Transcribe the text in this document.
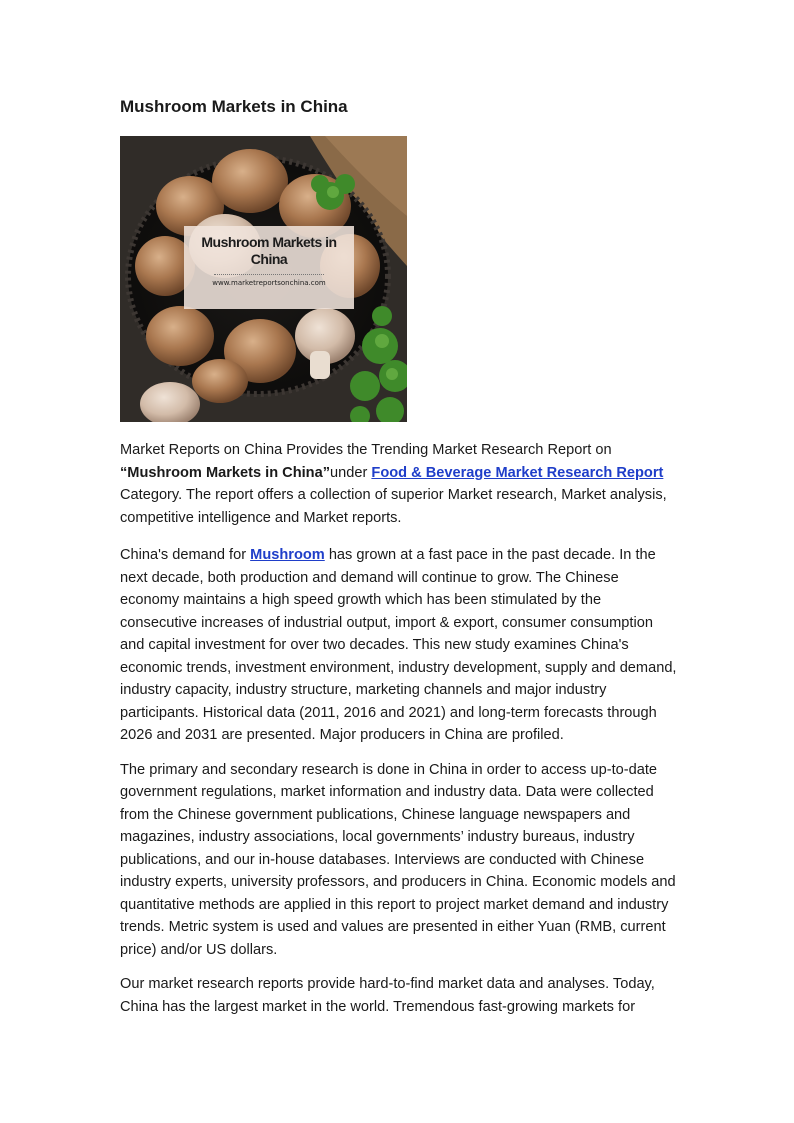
Mushroom Markets in China
Mushroom Markets in China
www.marketreportsonchina.com

Market Reports on China Provides the Trending Market Research Report on “Mushroom Markets in China”under Food & Beverage Market Research Report Category. The report offers a collection of superior Market research, Market analysis, competitive intelligence and Market reports.

China's demand for Mushroom has grown at a fast pace in the past decade. In the next decade, both production and demand will continue to grow. The Chinese economy maintains a high speed growth which has been stimulated by the consecutive increases of industrial output, import & export, consumer consumption and capital investment for over two decades. This new study examines China's economic trends, investment environment, industry development, supply and demand, industry capacity, industry structure, marketing channels and major industry participants. Historical data (2011, 2016 and 2021) and long-term forecasts through 2026 and 2031 are presented. Major producers in China are profiled.

The primary and secondary research is done in China in order to access up-to-date government regulations, market information and industry data. Data were collected from the Chinese government publications, Chinese language newspapers and magazines, industry associations, local governments’ industry bureaus, industry publications, and our in-house databases. Interviews are conducted with Chinese industry experts, university professors, and producers in China. Economic models and quantitative methods are applied in this report to project market demand and industry trends. Metric system is used and values are presented in either Yuan (RMB, current price) and/or US dollars.

Our market research reports provide hard-to-find market data and analyses. Today, China has the largest market in the world. Tremendous fast-growing markets for
